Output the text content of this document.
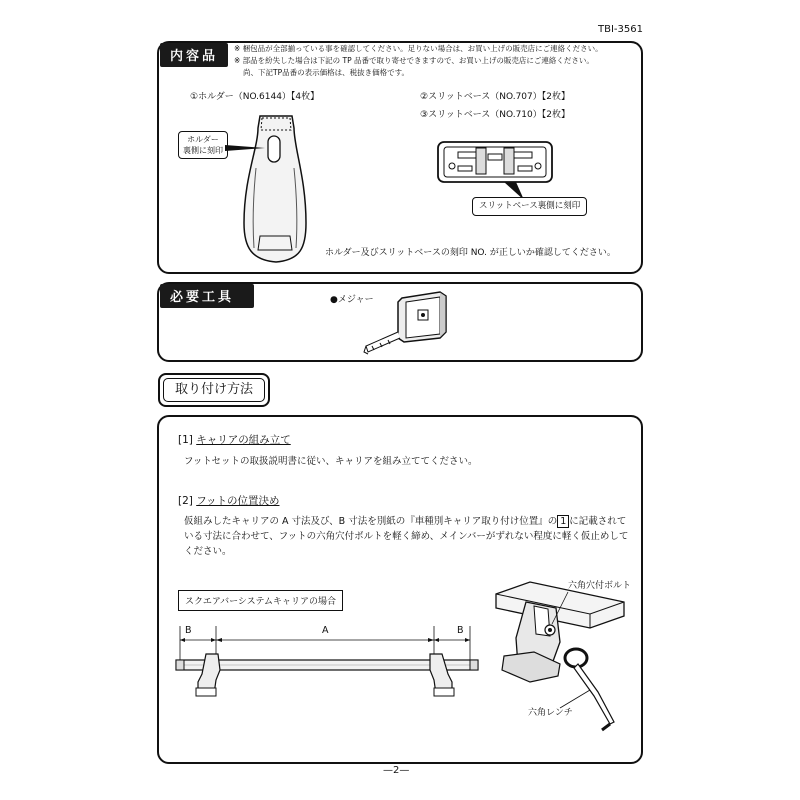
TBI-3561
内容品
※ 梱包品が全部揃っている事を確認してください。足りない場合は、お買い上げの販売店にご連絡ください。
※ 部品を紛失した場合は下記の TP 品番で取り寄せできますので、お買い上げの販売店にご連絡ください。
尚、下記TP品番の表示価格は、税抜き価格です。
①ホルダー（NO.6144）【4枚】	②スリットベース（NO.707）【2枚】
③スリットベース（NO.710）【2枚】
ホルダー
裏側に刻印
スリットベース裏側に刻印
ホルダー及びスリットベースの刻印 NO. が正しいか確認してください。
必要工具	●メジャー
取り付け方法
[1] キャリアの組み立て
フットセットの取扱説明書に従い、キャリアを組み立ててください。
[2] フットの位置決め
仮組みしたキャリアの A 寸法及び、B 寸法を別紙の『車種別キャリア取り付け位置』の 1 に記載されて
いる寸法に合わせて、フットの六角穴付ボルトを軽く締め、メインバーがずれない程度に軽く仮止めして
ください。
スクエアバーシステムキャリアの場合
B	A	B
六角穴付ボルト
六角レンチ
—2—
